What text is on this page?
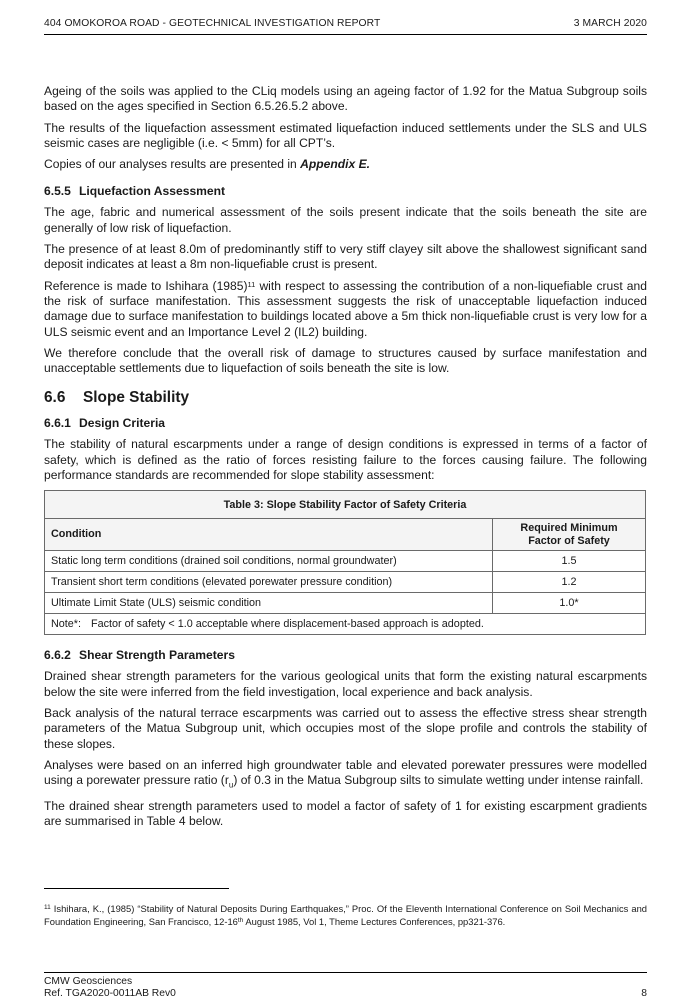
404 OMOKOROA ROAD - GEOTECHNICAL INVESTIGATION REPORT	3 MARCH 2020

Ageing of the soils was applied to the CLiq models using an ageing factor of 1.92 for the Matua Subgroup soils based on the ages specified in Section 6.5.26.5.2 above.

The results of the liquefaction assessment estimated liquefaction induced settlements under the SLS and ULS seismic cases are negligible (i.e. < 5mm) for all CPT’s.

Copies of our analyses results are presented in Appendix E.

6.5.5 Liquefaction Assessment

The age, fabric and numerical assessment of the soils present indicate that the soils beneath the site are generally of low risk of liquefaction.

The presence of at least 8.0m of predominantly stiff to very stiff clayey silt above the shallowest significant sand deposit indicates at least a 8m non-liquefiable crust is present.

Reference is made to Ishihara $(1985)^{11}$ with respect to assessing the contribution of a non-liquefiable crust and the risk of surface manifestation. This assessment suggests the risk of unacceptable liquefaction induced damage due to surface manifestation to buildings located above a 5m thick non-liquefiable crust is very low for a ULS seismic event and an Importance Level 2 (IL2) building.

We therefore conclude that the overall risk of damage to structures caused by surface manifestation and unacceptable settlements due to liquefaction of soils beneath the site is low.

6.6 Slope Stability
6.6.1 Design Criteria

The stability of natural escarpments under a range of design conditions is expressed in terms of a factor of safety, which is defined as the ratio of forces resisting failure to the forces causing failure. The following performance standards are recommended for slope stability assessment:

Table 3: Slope Stability Factor of Safety Criteria	
Condition	Required Minimum
Factor of Safety
Static long term conditions (drained soil conditions, normal groundwater)	1.5
Transient short term conditions (elevated porewater pressure condition)	1.2
Ultimate Limit State (ULS) seismic condition	1.0*
Note*: Factor of safety < 1.0 acceptable where displacement-based approach is adopted.	
6.6.2 Shear Strength Parameters

Drained shear strength parameters for the various geological units that form the existing natural escarpments below the site were inferred from the field investigation, local experience and back analysis.

Back analysis of the natural terrace escarpments was carried out to assess the effective stress shear strength parameters of the Matua Subgroup unit, which occupies most of the slope profile and controls the stability of these slopes.

Analyses were based on an inferred high groundwater table and elevated porewater pressures were modelled using a porewater pressure ratio $(r_u)$ of 0.3 in the Matua Subgroup silts to simulate wetting under intense rainfall.

The drained shear strength parameters used to model a factor of safety of 1 for existing escarpment gradients are summarised in Table 4 below.

$^{11}$ Ishihara, K., (1985) “Stability of Natural Deposits During Earthquakes,” Proc. Of the Eleventh International Conference on Soil Mechanics and Foundation Engineering, San Francisco, 12-16th August 1985, Vol 1, Theme Lectures Conferences, pp321-376.
CMW Geosciences
Ref. TGA2020-0011AB Rev0	8
